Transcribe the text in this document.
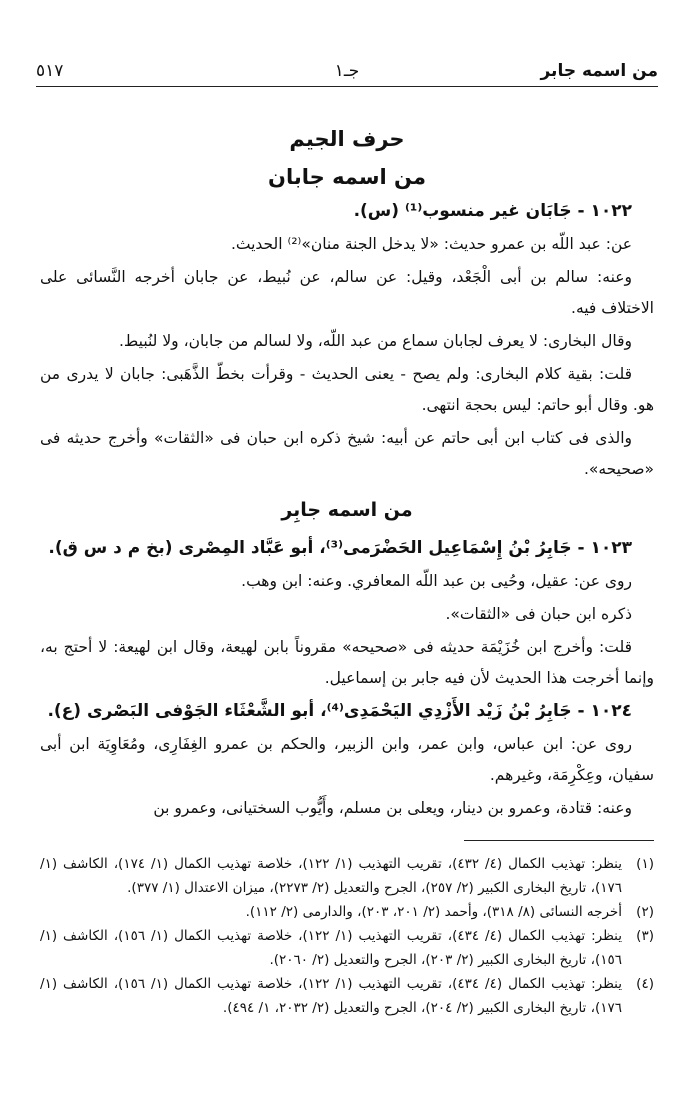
٥١٧	جـ١	من اسمه جابر
حرف الجيم
من اسمه جابان
١٠٢٢ - جَابَان غير منسوب⁽¹⁾ (س).
عن: عبد اللّه بن عمرو حديث: «لا يدخل الجنة منان»⁽²⁾ الحديث.
وعنه: سالم بن أبى الْجَعْد، وقيل: عن سالم، عن نُبيط، عن جابان أخرجه النَّسائى على الاختلاف فيه.
وقال البخارى: لا يعرف لجابان سماع من عبد اللّه، ولا لسالم من جابان، ولا لنُبيط.
قلت: بقية كلام البخارى: ولم يصح - يعنى الحديث - وقرأت بخطّ الذَّهَبى: جابان لا يدرى من هو. وقال أبو حاتم: ليس بحجة انتهى.
والذى فى كتاب ابن أبى حاتم عن أبيه: شيخ ذكره ابن حبان فى «الثقات» وأخرج حديثه فى «صحيحه».
من اسمه جابِر
١٠٢٣ - جَابِرُ بْنُ إِسْمَاعِيل الحَضْرَمى⁽³⁾، أبو عَبَّاد المِصْرى (بخ م د س ق).
روى عن: عقيل، وحُيى بن عبد اللّه المعافري. وعنه: ابن وهب.
ذكره ابن حبان فى «الثقات».
قلت: وأخرج ابن خُزَيْمَة حديثه فى «صحيحه» مقروناً بابن لهيعة، وقال ابن لهيعة: لا أحتج به، وإنما أخرجت هذا الحديث لأن فيه جابر بن إسماعيل.
١٠٢٤ - جَابِرُ بْنُ زَيْد الأَزْدِي اليَحْمَدِى⁽⁴⁾، أبو الشَّعْثَاء الجَوْفى البَصْرى (ع).
روى عن: ابن عباس، وابن عمر، وابن الزبير، والحكم بن عمرو الغِفَارِى، ومُعَاوِيَة ابن أبى سفيان، وعِكْرِمَة، وغيرهم.
وعنه: قتادة، وعمرو بن دينار، ويعلى بن مسلم، وأَيُّوب السختيانى، وعمرو بن
(١)
ينظر: تهذيب الكمال (٤/ ٤٣٢)، تقريب التهذيب (١/ ١٢٢)، خلاصة تهذيب الكمال (١/ ١٧٤)، الكاشف (١/ ١٧٦)، تاريخ البخارى الكبير (٢/ ٢٥٧)، الجرح والتعديل (٢/ ٢٢٧٣)، ميزان الاعتدال (١/ ٣٧٧).
(٢)
أخرجه النسائى (٨/ ٣١٨)، وأحمد (٢/ ٢٠١، ٢٠٣)، والدارمى (٢/ ١١٢).
(٣)
ينظر: تهذيب الكمال (٤/ ٤٣٤)، تقريب التهذيب (١/ ١٢٢)، خلاصة تهذيب الكمال (١/ ١٥٦)، الكاشف (١/ ١٥٦)، تاريخ البخارى الكبير (٢/ ٢٠٣)، الجرح والتعديل (٢/ ٢٠٦٠).
(٤)
ينظر: تهذيب الكمال (٤/ ٤٣٤)، تقريب التهذيب (١/ ١٢٢)، خلاصة تهذيب الكمال (١/ ١٥٦)، الكاشف (١/ ١٧٦)، تاريخ البخارى الكبير (٢/ ٢٠٤)، الجرح والتعديل (٢/ ٢٠٣٢، ١/ ٤٩٤).
